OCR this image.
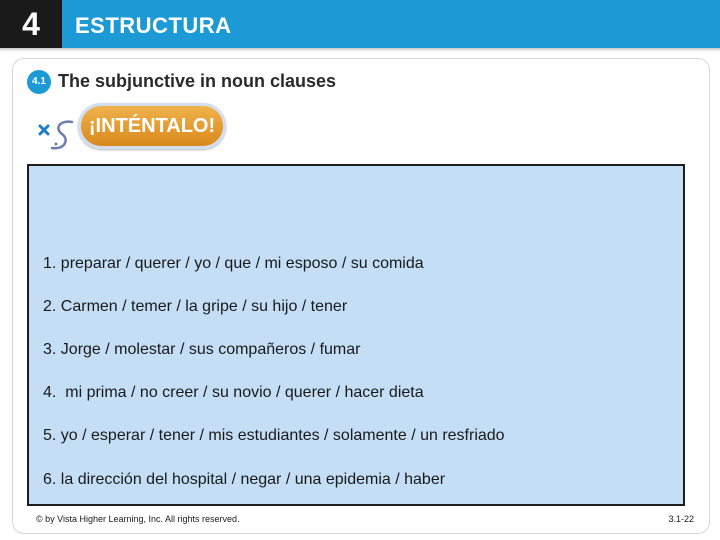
4	ESTRUCTURA
4.1 The subjunctive in noun clauses
¡INTÉNTALO!
1. preparar / querer / yo / que / mi esposo / su comida
2. Carmen / temer / la gripe / su hijo / tener
3. Jorge / molestar / sus compañeros / fumar
4.  mi prima / no creer / su novio / querer / hacer dieta
5. yo / esperar / tener / mis estudiantes / solamente / un resfriado
6. la dirección del hospital / negar / una epidemia / haber
© by Vista Higher Learning, Inc. All rights reserved.	3.1-22
